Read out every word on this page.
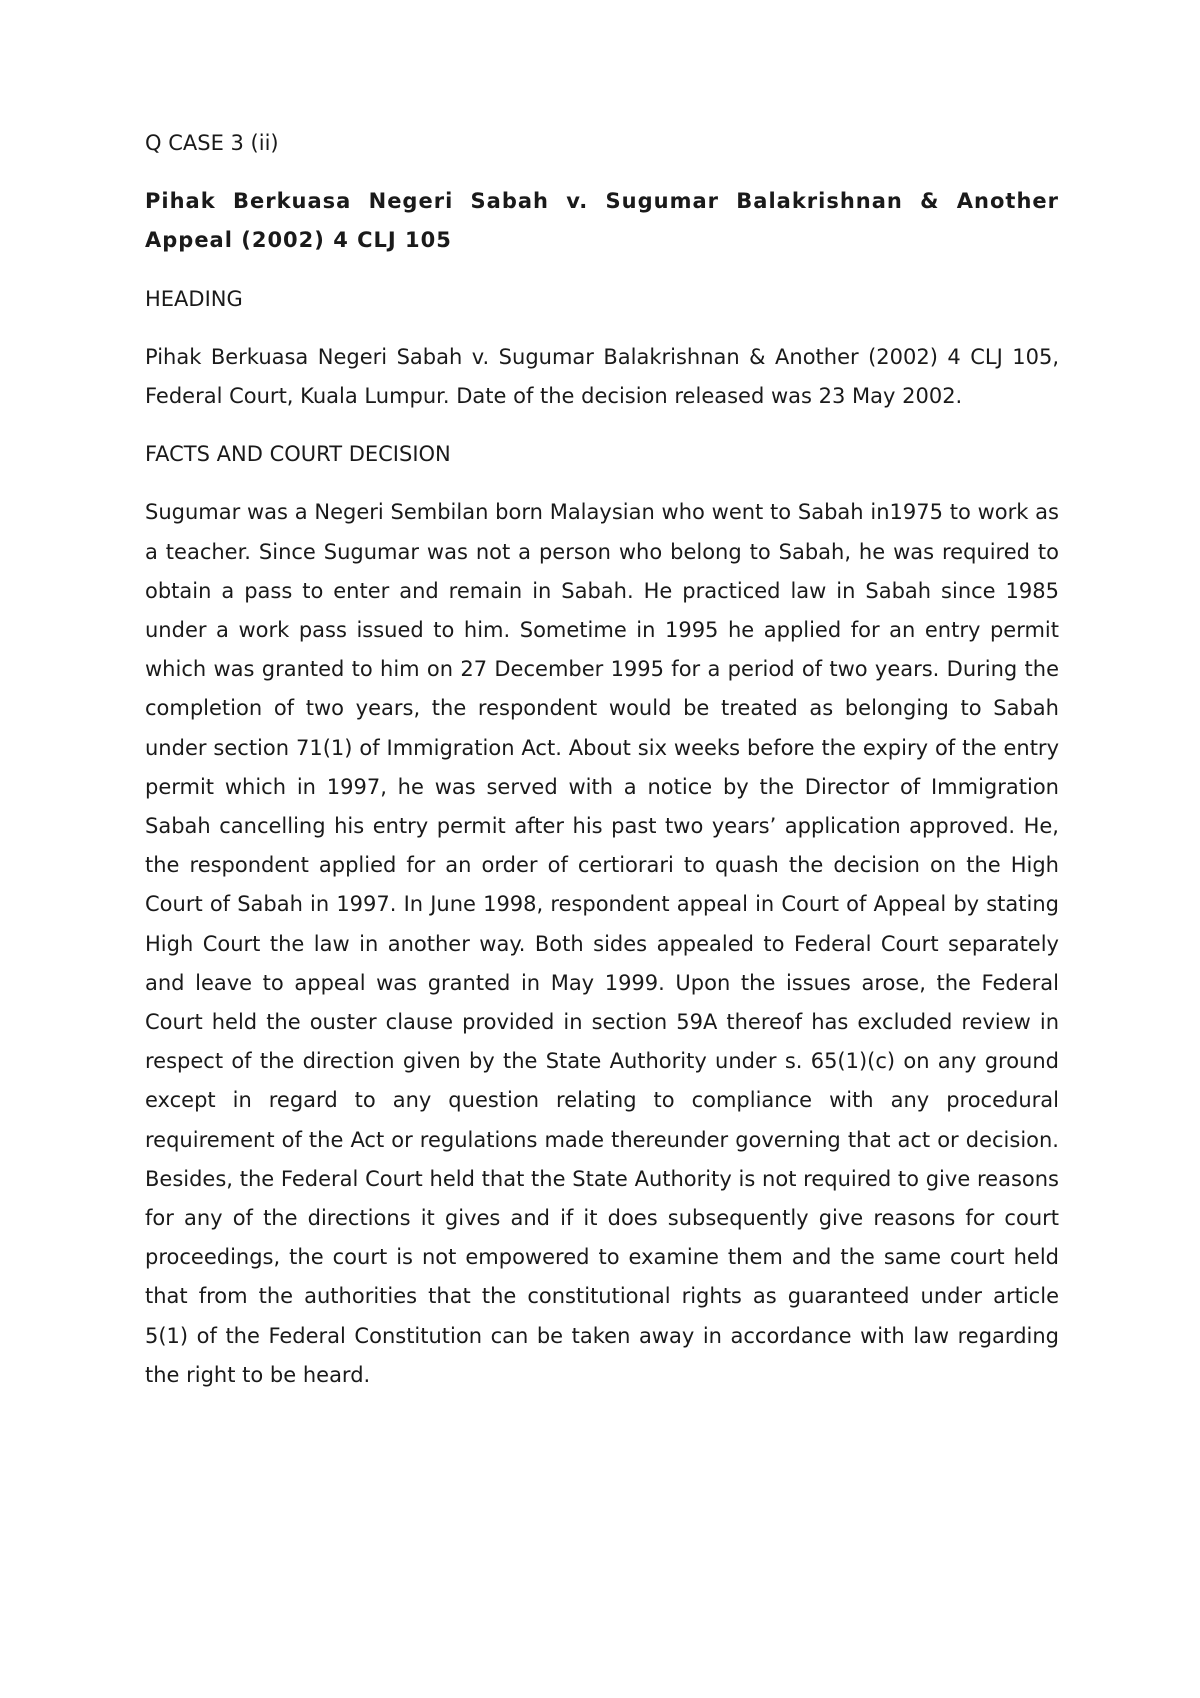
Q CASE 3 (ii)

Pihak Berkuasa Negeri Sabah v. Sugumar Balakrishnan & Another Appeal (2002) 4 CLJ 105

HEADING

Pihak Berkuasa Negeri Sabah v. Sugumar Balakrishnan & Another (2002) 4 CLJ 105, Federal Court, Kuala Lumpur. Date of the decision released was 23 May 2002.

FACTS AND COURT DECISION

Sugumar was a Negeri Sembilan born Malaysian who went to Sabah in1975 to work as a teacher. Since Sugumar was not a person who belong to Sabah, he was required to obtain a pass to enter and remain in Sabah. He practiced law in Sabah since 1985 under a work pass issued to him. Sometime in 1995 he applied for an entry permit which was granted to him on 27 December 1995 for a period of two years. During the completion of two years, the respondent would be treated as belonging to Sabah under section 71(1) of Immigration Act. About six weeks before the expiry of the entry permit which in 1997, he was served with a notice by the Director of Immigration Sabah cancelling his entry permit after his past two years’ application approved. He, the respondent applied for an order of certiorari to quash the decision on the High Court of Sabah in 1997. In June 1998, respondent appeal in Court of Appeal by stating High Court the law in another way. Both sides appealed to Federal Court separately and leave to appeal was granted in May 1999. Upon the issues arose, the Federal Court held the ouster clause provided in section 59A thereof has excluded review in respect of the direction given by the State Authority under s. 65(1)(c) on any ground except in regard to any question relating to compliance with any procedural requirement of the Act or regulations made thereunder governing that act or decision. Besides, the Federal Court held that the State Authority is not required to give reasons for any of the directions it gives and if it does subsequently give reasons for court proceedings, the court is not empowered to examine them and the same court held that from the authorities that the constitutional rights as guaranteed under article 5(1) of the Federal Constitution can be taken away in accordance with law regarding the right to be heard.
